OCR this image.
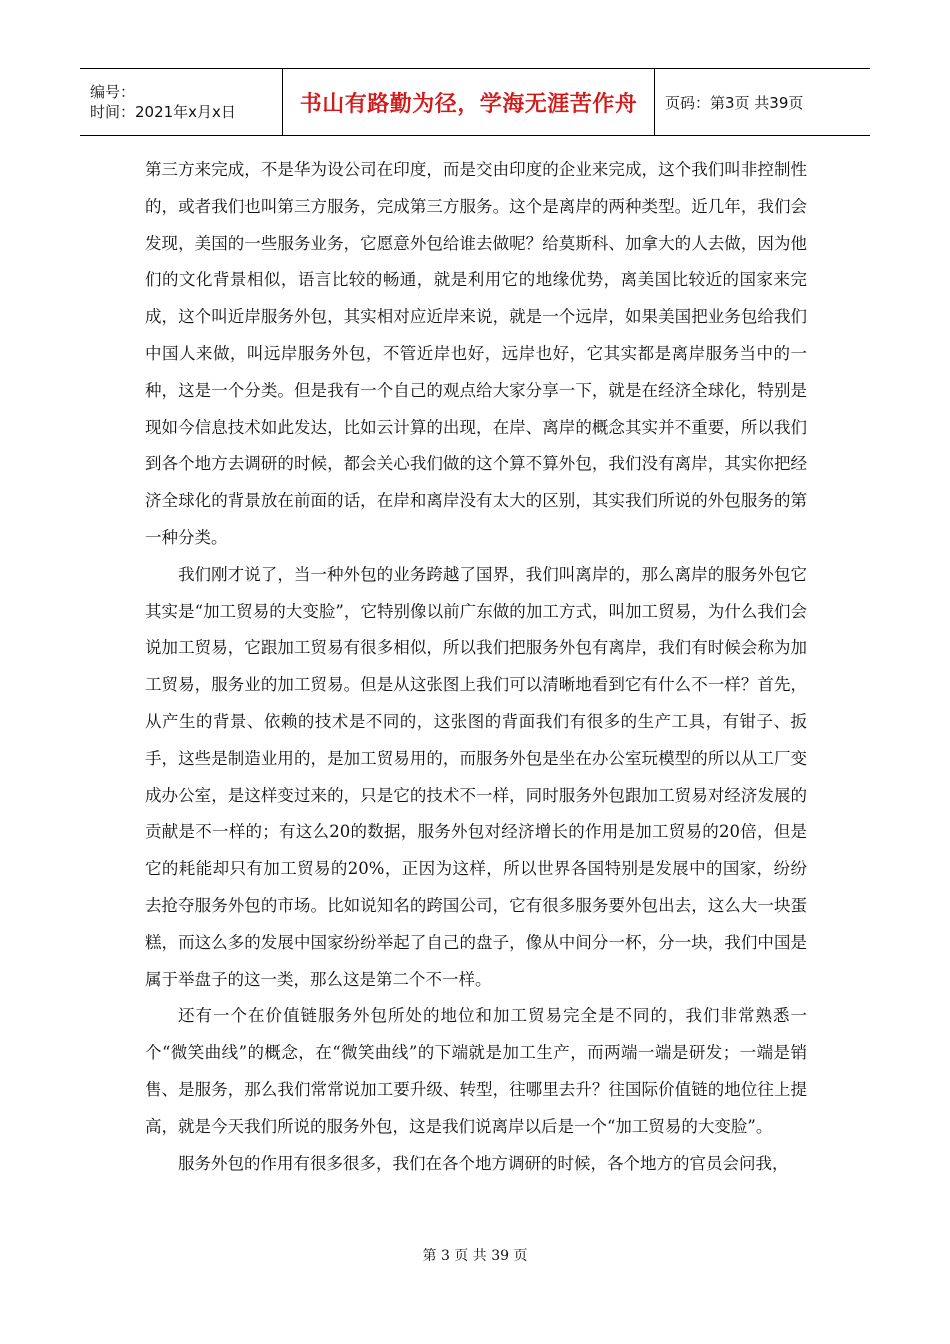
编号：
时间：2021年x月x日	书山有路勤为径，学海无涯苦作舟 页码：第3页 共39页

第三方来完成，不是华为设公司在印度，而是交由印度的企业来完成，这个我们叫非控制性的，或者我们也叫第三方服务，完成第三方服务。这个是离岸的两种类型。近几年，我们会发现，美国的一些服务业务，它愿意外包给谁去做呢？给莫斯科、加拿大的人去做，因为他们的文化背景相似，语言比较的畅通，就是利用它的地缘优势，离美国比较近的国家来完成，这个叫近岸服务外包，其实相对应近岸来说，就是一个远岸，如果美国把业务包给我们中国人来做，叫远岸服务外包，不管近岸也好，远岸也好，它其实都是离岸服务当中的一种，这是一个分类。但是我有一个自己的观点给大家分享一下，就是在经济全球化，特别是现如今信息技术如此发达，比如云计算的出现，在岸、离岸的概念其实并不重要，所以我们到各个地方去调研的时候，都会关心我们做的这个算不算外包，我们没有离岸，其实你把经济全球化的背景放在前面的话，在岸和离岸没有太大的区别，其实我们所说的外包服务的第一种分类。

我们刚才说了，当一种外包的业务跨越了国界，我们叫离岸的，那么离岸的服务外包它其实是“加工贸易的大变脸”，它特别像以前广东做的加工方式，叫加工贸易，为什么我们会说加工贸易，它跟加工贸易有很多相似，所以我们把服务外包有离岸，我们有时候会称为加工贸易，服务业的加工贸易。但是从这张图上我们可以清晰地看到它有什么不一样？首先，从产生的背景、依赖的技术是不同的，这张图的背面我们有很多的生产工具，有钳子、扳手，这些是制造业用的，是加工贸易用的，而服务外包是坐在办公室玩模型的所以从工厂变成办公室，是这样变过来的，只是它的技术不一样，同时服务外包跟加工贸易对经济发展的贡献是不一样的；有这么20的数据，服务外包对经济增长的作用是加工贸易的20倍，但是它的耗能却只有加工贸易的20%，正因为这样，所以世界各国特别是发展中的国家，纷纷去抢夺服务外包的市场。比如说知名的跨国公司，它有很多服务要外包出去，这么大一块蛋糕，而这么多的发展中国家纷纷举起了自己的盘子，像从中间分一杯，分一块，我们中国是属于举盘子的这一类，那么这是第二个不一样。

还有一个在价值链服务外包所处的地位和加工贸易完全是不同的，我们非常熟悉一个“微笑曲线”的概念，在“微笑曲线”的下端就是加工生产，而两端一端是研发；一端是销售、是服务，那么我们常常说加工要升级、转型，往哪里去升？往国际价值链的地位往上提高，就是今天我们所说的服务外包，这是我们说离岸以后是一个“加工贸易的大变脸”。

服务外包的作用有很多很多，我们在各个地方调研的时候，各个地方的官员会问我，

第 3 页 共 39 页
